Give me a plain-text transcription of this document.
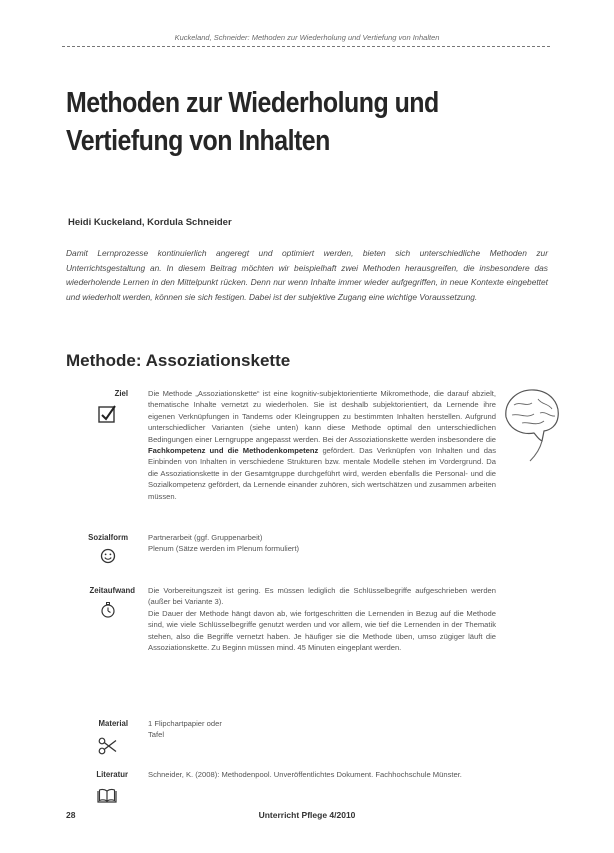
Kuckeland, Schneider: Methoden zur Wiederholung und Vertiefung von Inhalten
Methoden zur Wiederholung und
Vertiefung von Inhalten
Heidi Kuckeland, Kordula Schneider

Damit Lernprozesse kontinuierlich angeregt und optimiert werden, bieten sich unterschiedliche Methoden zur Unterrichtsgestaltung an. In diesem Beitrag möchten wir beispielhaft zwei Methoden herausgreifen, die insbesondere das wiederholende Lernen in den Mittelpunkt rücken. Denn nur wenn Inhalte immer wieder aufgegriffen, in neue Kontexte eingebettet und wiederholt werden, können sie sich festigen. Dabei ist der subjektive Zugang eine wichtige Voraussetzung.

Methode: Assoziationskette
Ziel	Die Methode „Assoziationskette“ ist eine kognitiv-subjektorientierte Mikromethode, die darauf abzielt, thematische Inhalte vernetzt zu wiederholen. Sie ist deshalb subjektorientiert, da Lernende ihre eigenen Verknüpfungen in Tandems oder Kleingruppen zu bestimmten Inhalten herstellen. Aufgrund unterschiedlicher Varianten (siehe unten) kann diese Methode optimal den unterschiedlichen Bedingungen einer Lerngruppe angepasst werden. Bei der Assoziationskette werden insbesondere die Fachkompetenz und die Methodenkompetenz gefördert. Das Verknüpfen von Inhalten und das Einbinden von Inhalten in verschiedene Strukturen bzw. mentale Modelle stehen im Vordergrund. Da die Assoziationskette in der Gesamtgruppe durchgeführt wird, werden ebenfalls die Personal- und die Sozialkompetenz gefördert, da Lernende einander zuhören, sich wertschätzen und zusammen arbeiten müssen.

Sozialform	Partnerarbeit (ggf. Gruppenarbeit)
Plenum (Sätze werden im Plenum formuliert)

Zeitaufwand Die Vorbereitungszeit ist gering. Es müssen lediglich die Schlüsselbegriffe aufgeschrieben werden (außer bei Variante 3).
Die Dauer der Methode hängt davon ab, wie fortgeschritten die Lernenden in Bezug auf die Methode sind, wie viele Schlüsselbegriffe genutzt werden und vor allem, wie tief die Lernenden in der Thematik stehen, also die Begriffe vernetzt haben. Je häufiger sie die Methode üben, umso zügiger läuft die Assoziationskette. Zu Beginn müssen mind. 45 Minuten eingeplant werden.

Material	1 Flipchartpapier oder
Tafel

Literatur	Schneider, K. (2008): Methodenpool. Unveröffentlichtes Dokument. Fachhochschule Münster.

28	Unterricht Pflege 4/2010
